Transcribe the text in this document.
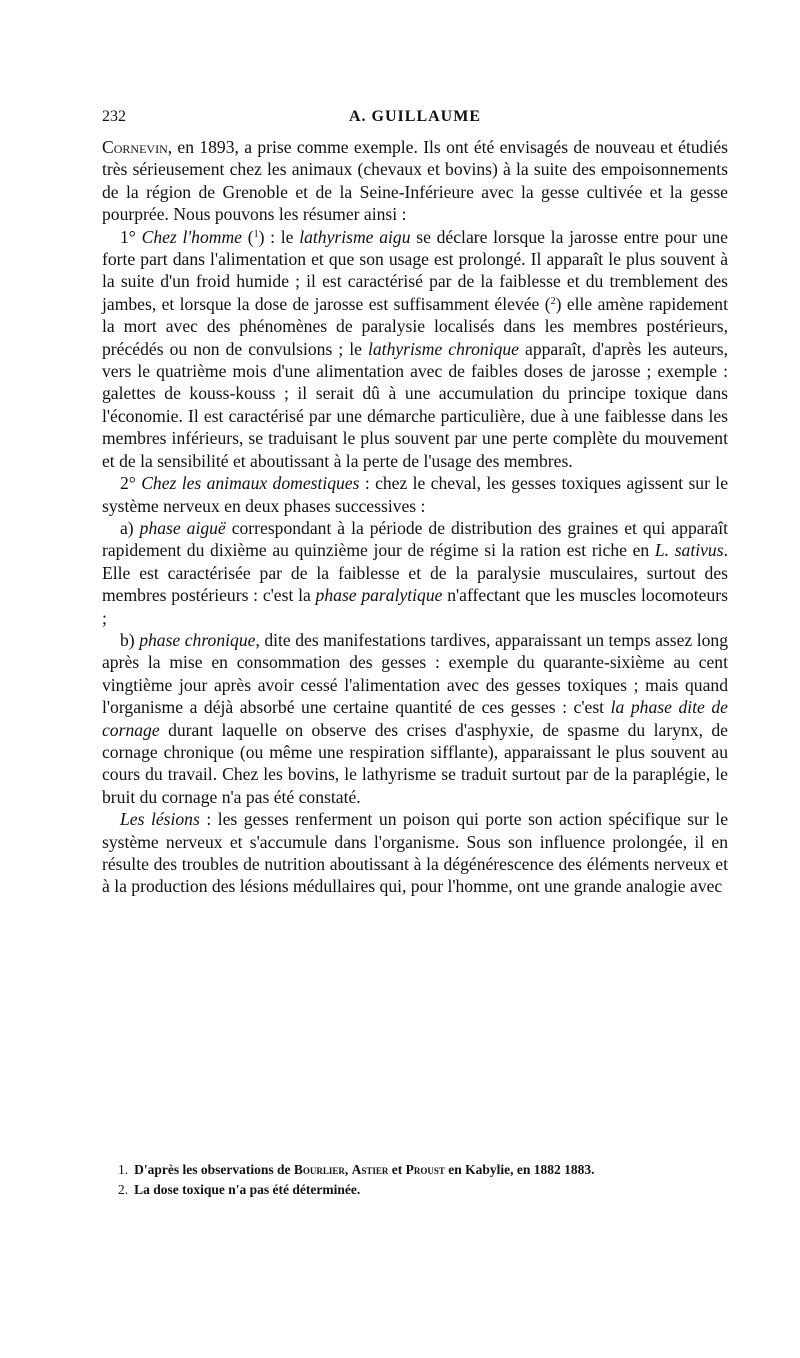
232	A. GUILLAUME

Cornevin, en 1893, a prise comme exemple. Ils ont été envisagés de nouveau et étudiés très sérieusement chez les animaux (chevaux et bovins) à la suite des empoisonnements de la région de Grenoble et de la Seine-Inférieure avec la gesse cultivée et la gesse pourprée. Nous pouvons les résumer ainsi :

1° Chez l'homme ($^1$) : le lathyrisme aigu se déclare lorsque la jarosse entre pour une forte part dans l'alimentation et que son usage est prolongé. Il apparaît le plus souvent à la suite d'un froid humide ; il est caractérisé par de la faiblesse et du tremblement des jambes, et lorsque la dose de jarosse est suffisamment élevée ($^2$) elle amène rapidement la mort avec des phénomènes de paralysie localisés dans les membres postérieurs, précédés ou non de convulsions ; le lathyrisme chronique apparaît, d'après les auteurs, vers le quatrième mois d'une alimentation avec de faibles doses de jarosse ; exemple : galettes de kouss-kouss ; il serait dû à une accumulation du principe toxique dans l'économie. Il est caractérisé par une démarche particulière, due à une faiblesse dans les membres inférieurs, se traduisant le plus souvent par une perte complète du mouvement et de la sensibilité et aboutissant à la perte de l'usage des membres.

2° Chez les animaux domestiques : chez le cheval, les gesses toxiques agissent sur le système nerveux en deux phases successives :

a) phase aiguë correspondant à la période de distribution des graines et qui apparaît rapidement du dixième au quinzième jour de régime si la ration est riche en L. sativus. Elle est caractérisée par de la faiblesse et de la paralysie musculaires, surtout des membres postérieurs : c'est la phase paralytique n'affectant que les muscles locomoteurs ;

b) phase chronique, dite des manifestations tardives, apparaissant un temps assez long après la mise en consommation des gesses : exemple du quarante-sixième au cent vingtième jour après avoir cessé l'alimentation avec des gesses toxiques ; mais quand l'organisme a déjà absorbé une certaine quantité de ces gesses : c'est la phase dite de cornage durant laquelle on observe des crises d'asphyxie, de spasme du larynx, de cornage chronique (ou même une respiration sifflante), apparaissant le plus souvent au cours du travail. Chez les bovins, le lathyrisme se traduit surtout par de la paraplégie, le bruit du cornage n'a pas été constaté.

Les lésions : les gesses renferment un poison qui porte son action spécifique sur le système nerveux et s'accumule dans l'organisme. Sous son influence prolongée, il en résulte des troubles de nutrition aboutissant à la dégénérescence des éléments nerveux et à la production des lésions médullaires qui, pour l'homme, ont une grande analogie avec

1. D'après les observations de Bourlier, Astier et Proust en Kabylie, en 1882 1883.

2. La dose toxique n'a pas été déterminée.
